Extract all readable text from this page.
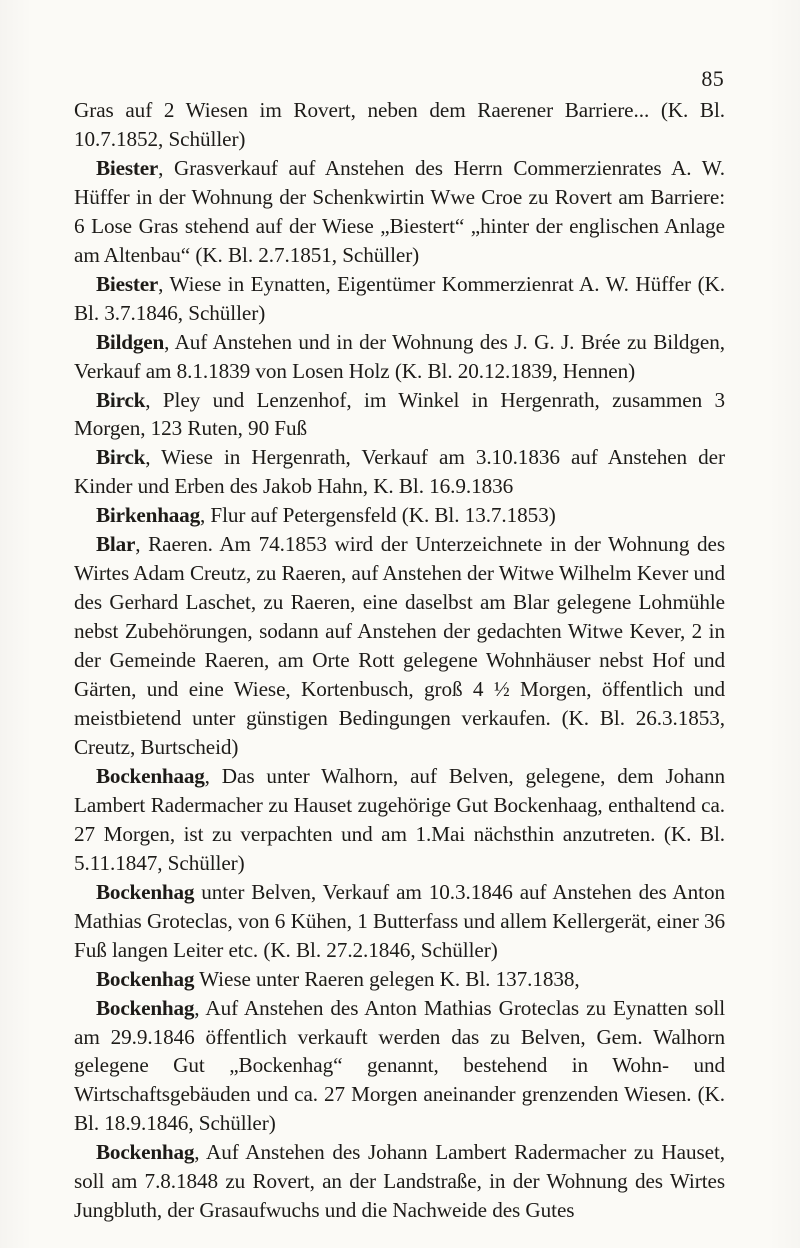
85

Gras auf 2 Wiesen im Rovert, neben dem Raerener Barriere... (K. Bl. 10.7.1852, Schüller)

Biester, Grasverkauf auf Anstehen des Herrn Commerzienrates A. W. Hüffer in der Wohnung der Schenkwirtin Wwe Croe zu Rovert am Barriere: 6 Lose Gras stehend auf der Wiese „Biestert“ „hinter der englischen Anlage am Altenbau“ (K. Bl. 2.7.1851, Schüller)

Biester, Wiese in Eynatten, Eigentümer Kommerzienrat A. W. Hüffer (K. Bl. 3.7.1846, Schüller)

Bildgen, Auf Anstehen und in der Wohnung des J. G. J. Brée zu Bildgen, Verkauf am 8.1.1839 von Losen Holz (K. Bl. 20.12.1839, Hennen)

Birck, Pley und Lenzenhof, im Winkel in Hergenrath, zusammen 3 Morgen, 123 Ruten, 90 Fuß

Birck, Wiese in Hergenrath, Verkauf am 3.10.1836 auf Anstehen der Kinder und Erben des Jakob Hahn, K. Bl. 16.9.1836

Birkenhaag, Flur auf Petergensfeld (K. Bl. 13.7.1853)

Blar, Raeren. Am 74.1853 wird der Unterzeichnete in der Wohnung des Wirtes Adam Creutz, zu Raeren, auf Anstehen der Witwe Wilhelm Kever und des Gerhard Laschet, zu Raeren, eine daselbst am Blar gelegene Lohmühle nebst Zubehörungen, sodann auf Anstehen der gedachten Witwe Kever, 2 in der Gemeinde Raeren, am Orte Rott gelegene Wohnhäuser nebst Hof und Gärten, und eine Wiese, Kortenbusch, groß 4 ½ Morgen, öffentlich und meistbietend unter günstigen Bedingungen verkaufen. (K. Bl. 26.3.1853, Creutz, Burtscheid)

Bockenhaag, Das unter Walhorn, auf Belven, gelegene, dem Johann Lambert Radermacher zu Hauset zugehörige Gut Bockenhaag, enthaltend ca. 27 Morgen, ist zu verpachten und am 1.Mai nächsthin anzutreten. (K. Bl. 5.11.1847, Schüller)

Bockenhag unter Belven, Verkauf am 10.3.1846 auf Anstehen des Anton Mathias Groteclas, von 6 Kühen, 1 Butterfass und allem Kellergerät, einer 36 Fuß langen Leiter etc. (K. Bl. 27.2.1846, Schüller)

Bockenhag Wiese unter Raeren gelegen K. Bl. 137.1838,

Bockenhag, Auf Anstehen des Anton Mathias Groteclas zu Eynatten soll am 29.9.1846 öffentlich verkauft werden das zu Belven, Gem. Walhorn gelegene Gut „Bockenhag“ genannt, bestehend in Wohn- und Wirtschaftsgebäuden und ca. 27 Morgen aneinander grenzenden Wiesen. (K. Bl. 18.9.1846, Schüller)

Bockenhag, Auf Anstehen des Johann Lambert Radermacher zu Hauset, soll am 7.8.1848 zu Rovert, an der Landstraße, in der Wohnung des Wirtes Jungbluth, der Grasaufwuchs und die Nachweide des Gutes
